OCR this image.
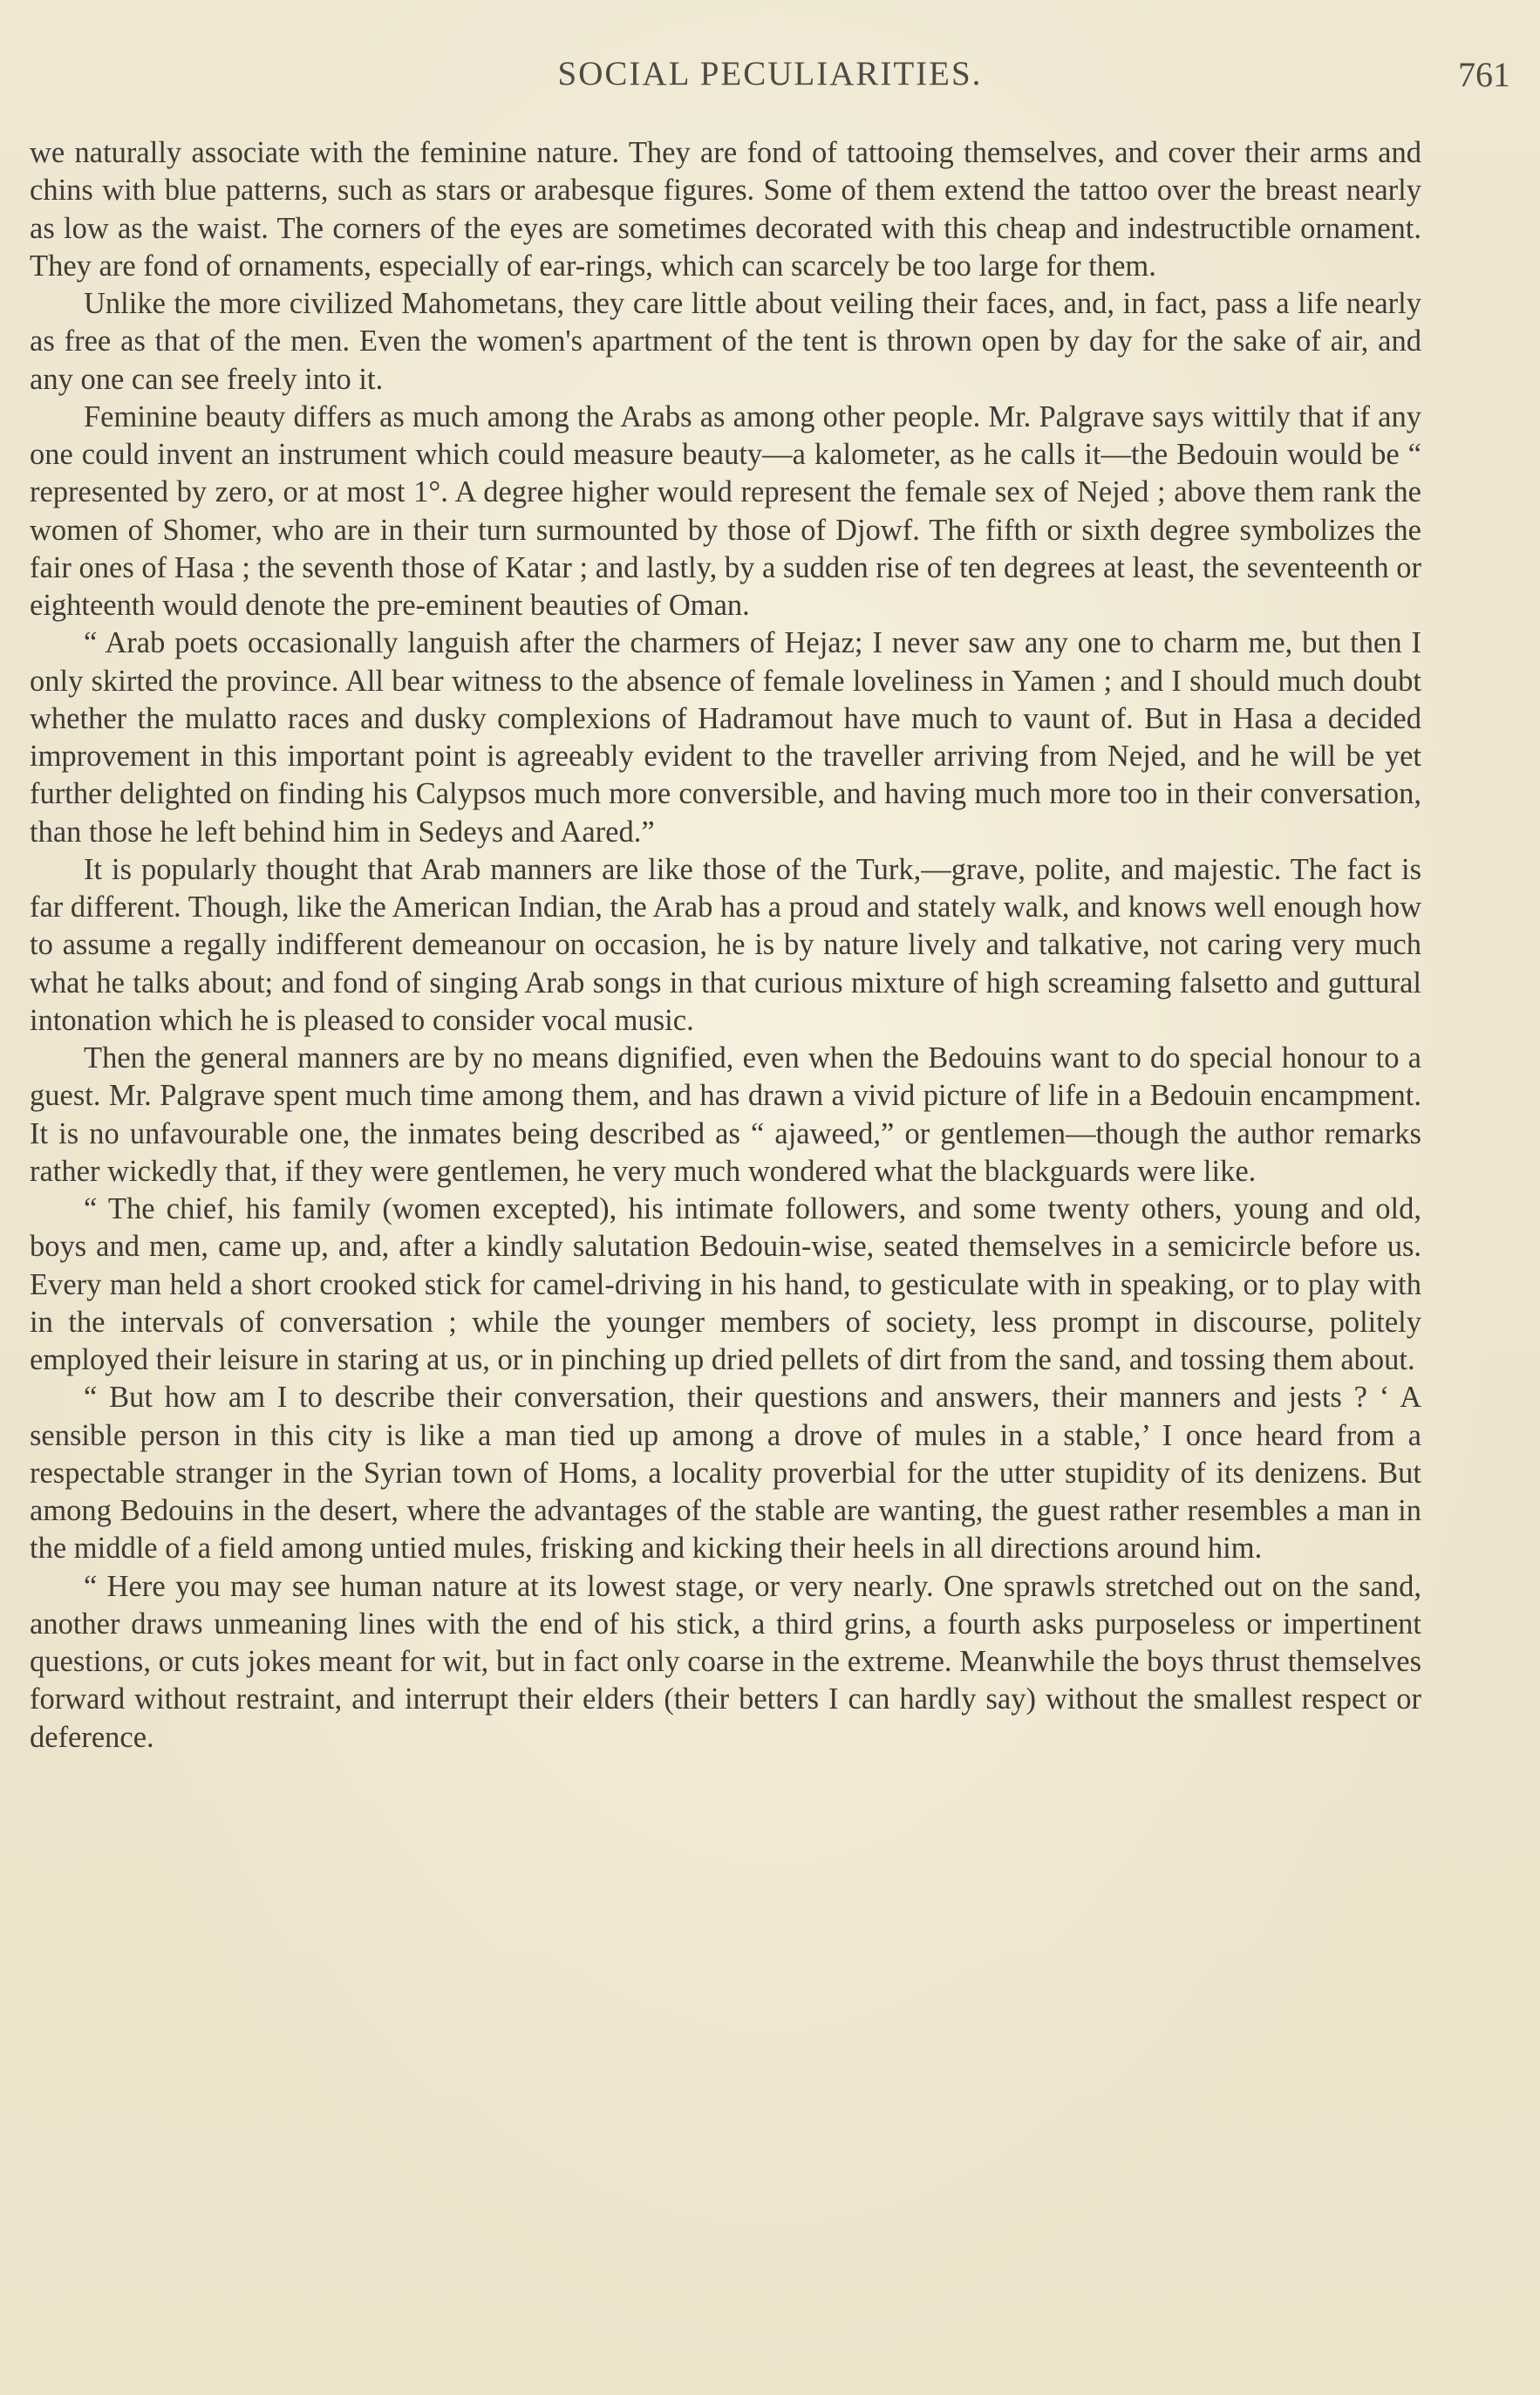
SOCIAL PECULIARITIES.	761

we naturally associate with the feminine nature. They are fond of tattooing themselves, and cover their arms and chins with blue patterns, such as stars or arabesque figures. Some of them extend the tattoo over the breast nearly as low as the waist. The corners of the eyes are sometimes decorated with this cheap and indestructible ornament. They are fond of ornaments, especially of ear-rings, which can scarcely be too large for them.

Unlike the more civilized Mahometans, they care little about veiling their faces, and, in fact, pass a life nearly as free as that of the men. Even the women's apartment of the tent is thrown open by day for the sake of air, and any one can see freely into it.

Feminine beauty differs as much among the Arabs as among other people. Mr. Palgrave says wittily that if any one could invent an instrument which could measure beauty—a kalometer, as he calls it—the Bedouin would be “ represented by zero, or at most 1°. A degree higher would represent the female sex of Nejed ; above them rank the women of Shomer, who are in their turn surmounted by those of Djowf. The fifth or sixth degree symbolizes the fair ones of Hasa ; the seventh those of Katar ; and lastly, by a sudden rise of ten degrees at least, the seventeenth or eighteenth would denote the pre-eminent beauties of Oman.

“ Arab poets occasionally languish after the charmers of Hejaz; I never saw any one to charm me, but then I only skirted the province. All bear witness to the absence of female loveliness in Yamen ; and I should much doubt whether the mulatto races and dusky complexions of Hadramout have much to vaunt of. But in Hasa a decided improvement in this important point is agreeably evident to the traveller arriving from Nejed, and he will be yet further delighted on finding his Calypsos much more conversible, and having much more too in their conversation, than those he left behind him in Sedeys and Aared.”

It is popularly thought that Arab manners are like those of the Turk,—grave, polite, and majestic. The fact is far different. Though, like the American Indian, the Arab has a proud and stately walk, and knows well enough how to assume a regally indifferent demeanour on occasion, he is by nature lively and talkative, not caring very much what he talks about; and fond of singing Arab songs in that curious mixture of high screaming falsetto and guttural intonation which he is pleased to consider vocal music.

Then the general manners are by no means dignified, even when the Bedouins want to do special honour to a guest. Mr. Palgrave spent much time among them, and has drawn a vivid picture of life in a Bedouin encampment. It is no unfavourable one, the inmates being described as “ ajaweed,” or gentlemen—though the author remarks rather wickedly that, if they were gentlemen, he very much wondered what the blackguards were like.

“ The chief, his family (women excepted), his intimate followers, and some twenty others, young and old, boys and men, came up, and, after a kindly salutation Bedouin-wise, seated themselves in a semicircle before us. Every man held a short crooked stick for camel-driving in his hand, to gesticulate with in speaking, or to play with in the intervals of conversation ; while the younger members of society, less prompt in discourse, politely employed their leisure in staring at us, or in pinching up dried pellets of dirt from the sand, and tossing them about.

“ But how am I to describe their conversation, their questions and answers, their manners and jests ? ‘ A sensible person in this city is like a man tied up among a drove of mules in a stable,’ I once heard from a respectable stranger in the Syrian town of Homs, a locality proverbial for the utter stupidity of its denizens. But among Bedouins in the desert, where the advantages of the stable are wanting, the guest rather resembles a man in the middle of a field among untied mules, frisking and kicking their heels in all directions around him.

“ Here you may see human nature at its lowest stage, or very nearly. One sprawls stretched out on the sand, another draws unmeaning lines with the end of his stick, a third grins, a fourth asks purposeless or impertinent questions, or cuts jokes meant for wit, but in fact only coarse in the extreme. Meanwhile the boys thrust themselves forward without restraint, and interrupt their elders (their betters I can hardly say) without the smallest respect or deference.
